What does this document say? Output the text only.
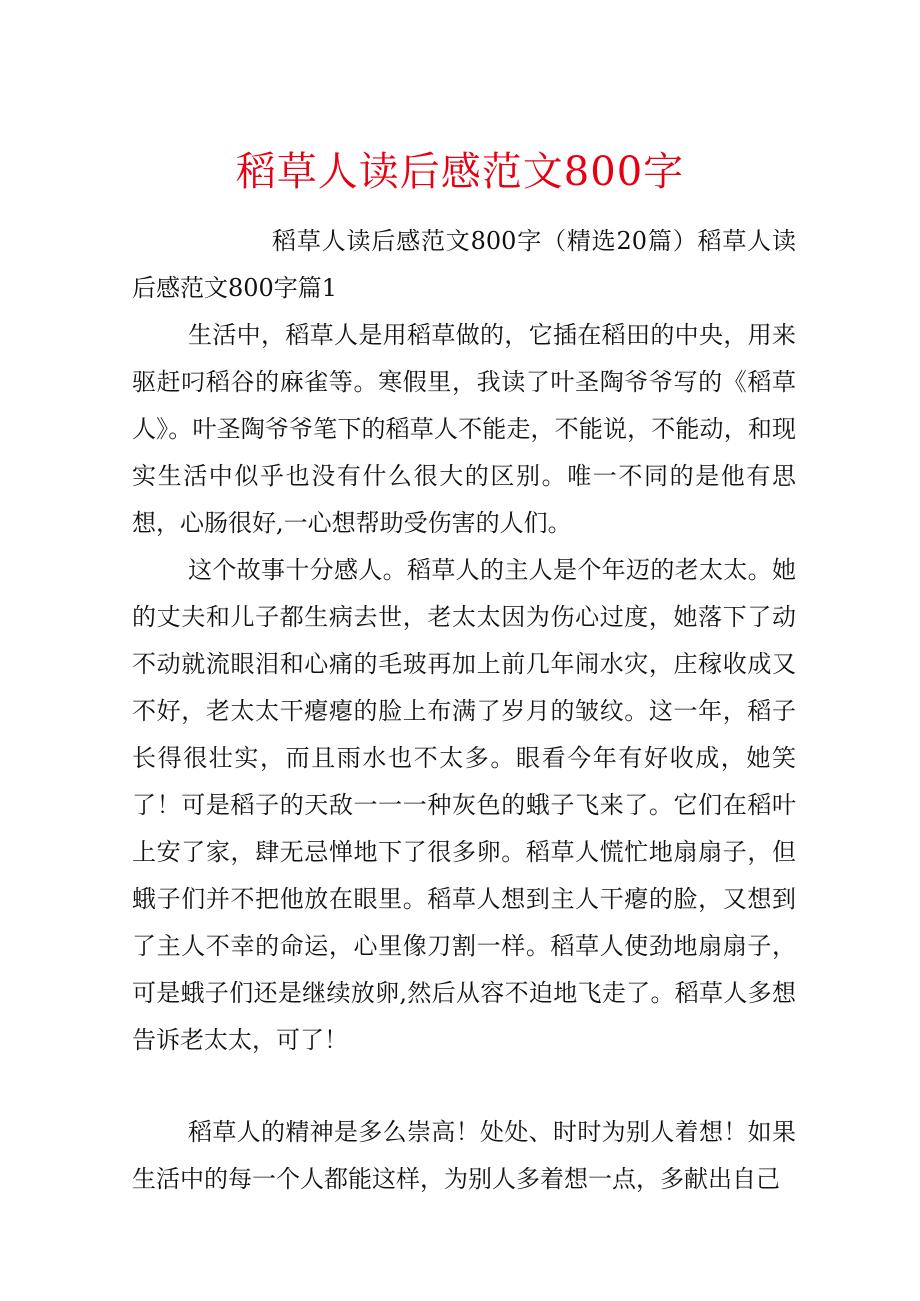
稻草人读后感范文800字
稻草人读后感范文800字（精选20篇）稻草人读后感范文800字篇1
生活中，稻草人是用稻草做的，它插在稻田的中央，用来驱赶叼稻谷的麻雀等。寒假里，我读了叶圣陶爷爷写的《稻草人》。叶圣陶爷爷笔下的稻草人不能走，不能说，不能动，和现实生活中似乎也没有什么很大的区别。唯一不同的是他有思想，心肠很好,一心想帮助受伤害的人们。
这个故事十分感人。稻草人的主人是个年迈的老太太。她的丈夫和儿子都生病去世，老太太因为伤心过度，她落下了动不动就流眼泪和心痛的毛玻再加上前几年闹水灾，庄稼收成又不好，老太太干瘪瘪的脸上布满了岁月的皱纹。这一年，稻子长得很壮实，而且雨水也不太多。眼看今年有好收成，她笑了！可是稻子的天敌一一一种灰色的蛾子飞来了。它们在稻叶上安了家，肆无忌惮地下了很多卵。稻草人慌忙地扇扇子，但蛾子们并不把他放在眼里。稻草人想到主人干瘪的脸，又想到了主人不幸的命运，心里像刀割一样。稻草人使劲地扇扇子，可是蛾子们还是继续放卵,然后从容不迫地飞走了。稻草人多想告诉老太太，可了！
稻草人的精神是多么崇高！处处、时时为别人着想！如果生活中的每一个人都能这样，为别人多着想一点，多献出自己
